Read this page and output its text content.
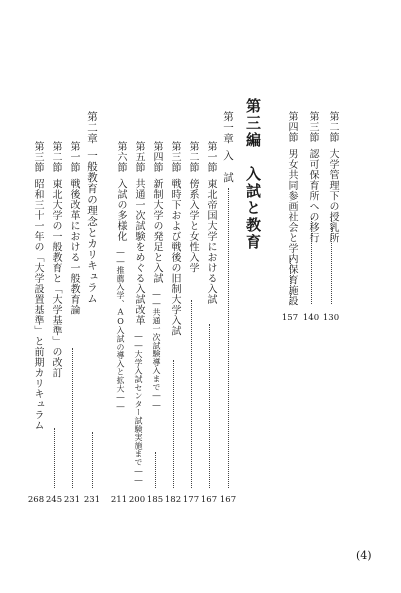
第二節大学管理下の授乳所
130
第三節認可保育所への移行
140
第四節男女共同参画社会と学内保育施設
157
第三編　入試と教育
第一章入　試
167
第一節東北帝国大学における入試
167
第二節傍系入学と女性入学
177
第三節戦時下および戦後の旧制大学入試
182
第四節新制大学の発足と入試――共通一次試験導入まで――
185
第五節共通一次試験をめぐる入試改革――大学入試センター試験実施まで――
200
第六節入試の多様化――推薦入学、AO入試の導入と拡大――
211
第二章一般教育の理念とカリキュラム
231
第一節戦後改革における一般教育論
231
第二節東北大学の一般教育と「大学基準」の改訂
245
第三節昭和三十一年の「大学設置基準」と前期カリキュラム
268
(4)
